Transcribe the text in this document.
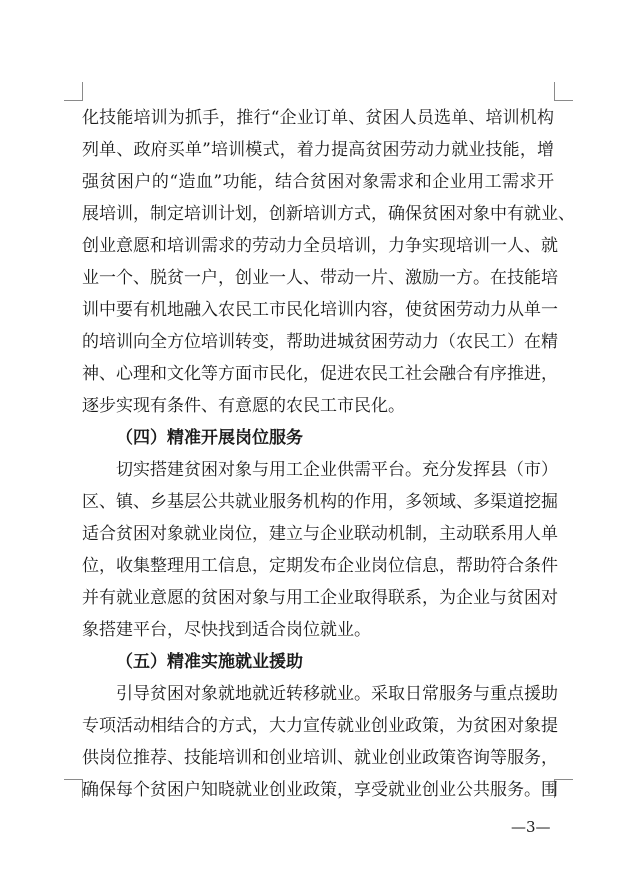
化技能培训为抓手，推行“企业订单、贫困人员选单、培训机构
列单、政府买单”培训模式，着力提高贫困劳动力就业技能，增
强贫困户的“造血”功能，结合贫困对象需求和企业用工需求开
展培训，制定培训计划，创新培训方式，确保贫困对象中有就业、
创业意愿和培训需求的劳动力全员培训，力争实现培训一人、就
业一个、脱贫一户，创业一人、带动一片、激励一方。在技能培
训中要有机地融入农民工市民化培训内容，使贫困劳动力从单一
的培训向全方位培训转变，帮助进城贫困劳动力（农民工）在精
神、心理和文化等方面市民化，促进农民工社会融合有序推进，
逐步实现有条件、有意愿的农民工市民化。
（四）精准开展岗位服务
切实搭建贫困对象与用工企业供需平台。充分发挥县（市）
区、镇、乡基层公共就业服务机构的作用，多领域、多渠道挖掘
适合贫困对象就业岗位，建立与企业联动机制，主动联系用人单
位，收集整理用工信息，定期发布企业岗位信息，帮助符合条件
并有就业意愿的贫困对象与用工企业取得联系，为企业与贫困对
象搭建平台，尽快找到适合岗位就业。
（五）精准实施就业援助
引导贫困对象就地就近转移就业。采取日常服务与重点援助
专项活动相结合的方式，大力宣传就业创业政策，为贫困对象提
供岗位推荐、技能培训和创业培训、就业创业政策咨询等服务，
确保每个贫困户知晓就业创业政策，享受就业创业公共服务。围
—3—
